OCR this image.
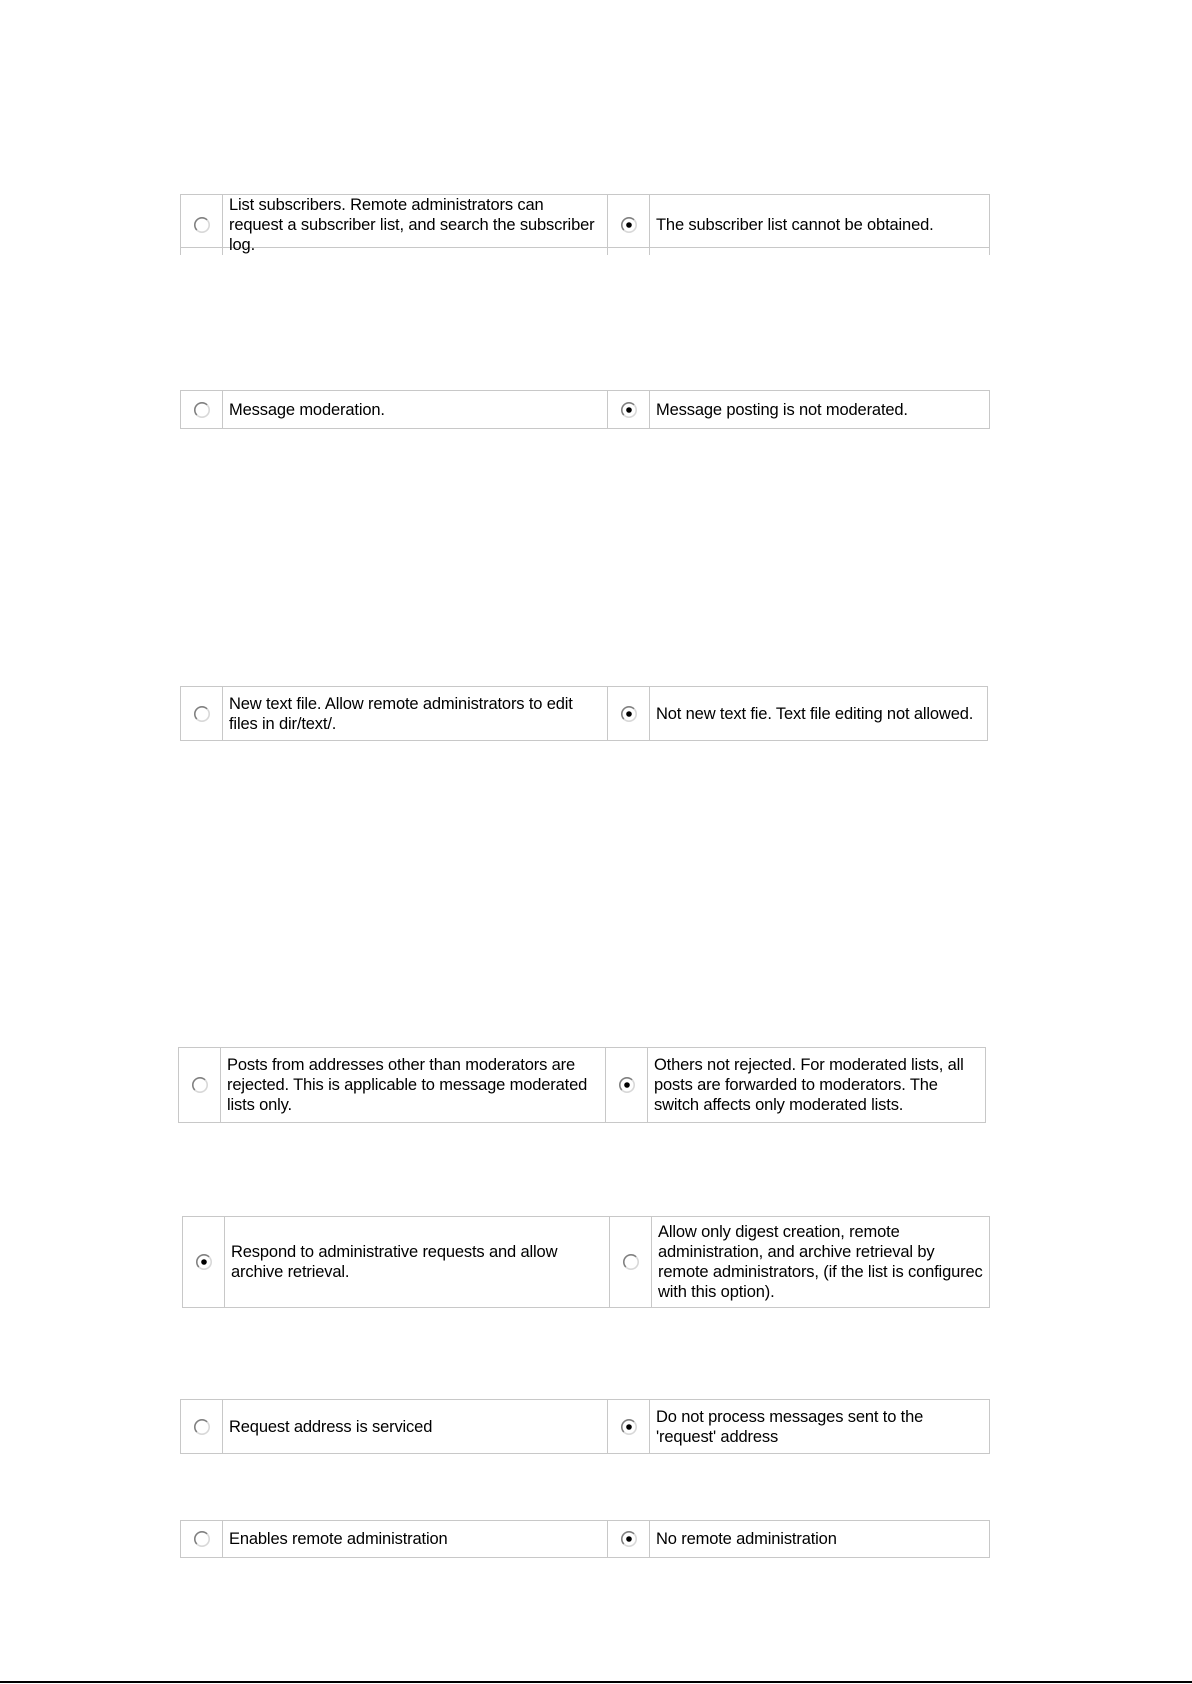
List subscribers. Remote administrators can request a subscriber list, and search the subscriber log.
The subscriber list cannot be obtained.
Message moderation.	Message posting is not moderated.
New text file. Allow remote administrators to edit files in dir/text/.
Not new text fie. Text file editing not allowed.
Posts from addresses other than moderators are rejected. This is applicable to message moderated lists only.
Others not rejected. For moderated lists, all posts are forwarded to moderators. The switch affects only moderated lists.
Respond to administrative requests and allow archive retrieval.
Allow only digest creation, remote administration, and archive retrieval by remote administrators, (if the list is configurec with this option).
Request address is serviced
Do not process messages sent to the 'request' address
Enables remote administration	No remote administration
